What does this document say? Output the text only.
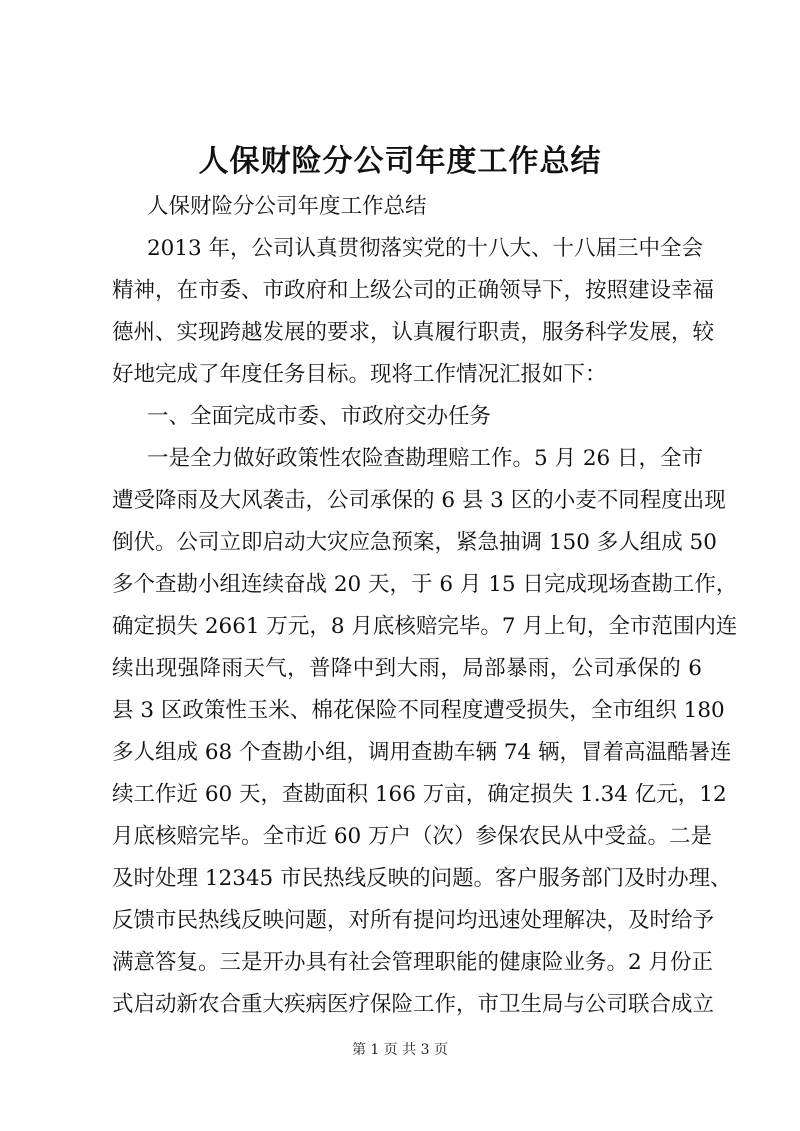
人保财险分公司年度工作总结

人保财险分公司年度工作总结

2013 年，公司认真贯彻落实党的十八大、十八届三中全会

精神，在市委、市政府和上级公司的正确领导下，按照建设幸福

德州、实现跨越发展的要求，认真履行职责，服务科学发展，较

好地完成了年度任务目标。现将工作情况汇报如下：

一、全面完成市委、市政府交办任务

一是全力做好政策性农险查勘理赔工作。5 月 26 日，全市

遭受降雨及大风袭击，公司承保的 6 县 3 区的小麦不同程度出现

倒伏。公司立即启动大灾应急预案，紧急抽调 150 多人组成 50

多个查勘小组连续奋战 20 天，于 6 月 15 日完成现场查勘工作，

确定损失 2661 万元，8 月底核赔完毕。7 月上旬，全市范围内连

续出现强降雨天气，普降中到大雨，局部暴雨，公司承保的 6

县 3 区政策性玉米、棉花保险不同程度遭受损失，全市组织 180

多人组成 68 个查勘小组，调用查勘车辆 74 辆，冒着高温酷暑连

续工作近 60 天，查勘面积 166 万亩，确定损失 1.34 亿元，12

月底核赔完毕。全市近 60 万户（次）参保农民从中受益。二是

及时处理 12345 市民热线反映的问题。客户服务部门及时办理、

反馈市民热线反映问题，对所有提问均迅速处理解决，及时给予

满意答复。三是开办具有社会管理职能的健康险业务。2 月份正

式启动新农合重大疾病医疗保险工作，市卫生局与公司联合成立

第 1 页 共 3 页
